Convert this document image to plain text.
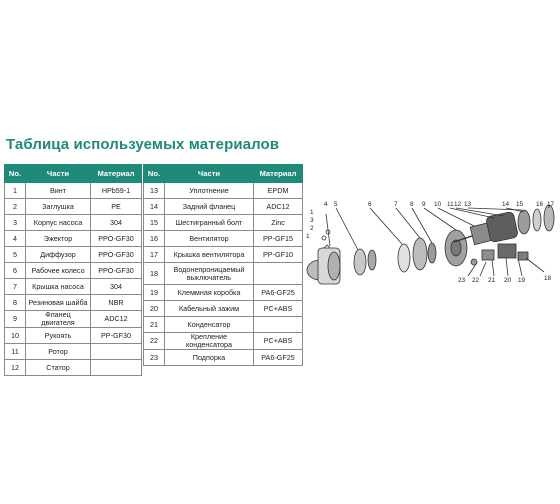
Таблица используемых материалов
No.	Части	Материал
1	Винт	HPb59-1
2	Заглушка	PE
3	Корпус насоса	304
4	Эжектор	PPO-GF30
5	Диффузор	PPO-GF30
6	Рабочее колесо	PPO-GF30
7	Крышка насоса	304
8	Резиновая шайба	NBR
9	Фланец двигателя	ADC12
10	Рукоять	PP-GF30
11	Ротор	
12	Статор	
No.	Части	Материал
13	Уплотнение	EPDM
14	Задний фланец	ADC12
15	Шестигранный болт	Zinc
16	Вентилятор	PP-GF15
17	Крышка вентилятора	PP-GF10
18	Водонепроницаемый выключатель	
19	Клеммная коробка	PA6-GF25
20	Кабельный зажим	PC+ABS
21	Конденсатор	
22	Крепление конденсатора	PC+ABS
23	Подпорка	PA6-GF25
4 5	6	7 8 9 10 11 12 13	14 15 16 17
1
3
2
1
23 22 21 20 19	18
